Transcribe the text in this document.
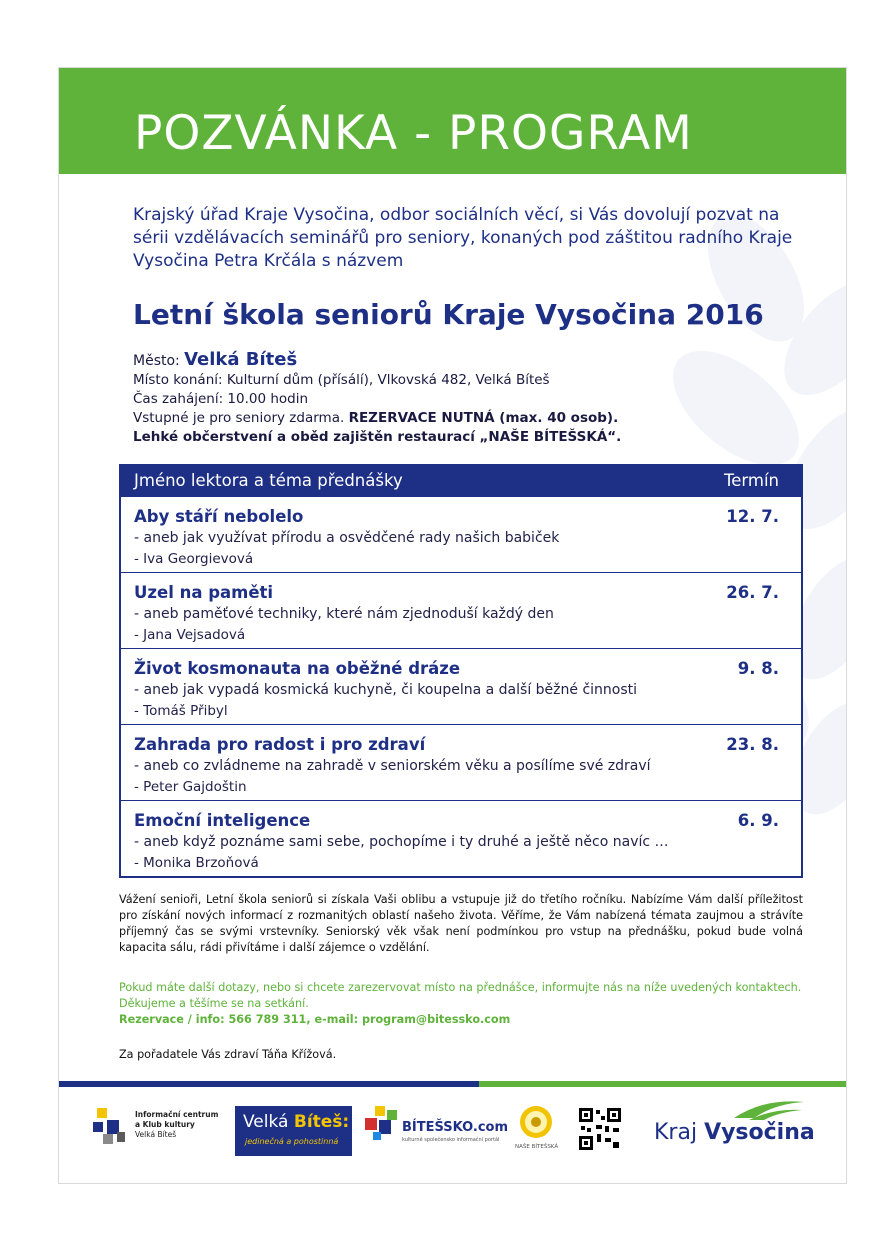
POZVÁNKA - PROGRAM
Krajský úřad Kraje Vysočina, odbor sociálních věcí, si Vás dovolují pozvat na sérii vzdělávacích seminářů pro seniory, konaných pod záštitou radního Kraje Vysočina Petra Krčála s názvem
Letní škola seniorů Kraje Vysočina 2016
Město: Velká Bíteš
Místo konání: Kulturní dům (přísálí), Vlkovská 482, Velká Bíteš
Čas zahájení: 10.00 hodin
Vstupné je pro seniory zdarma. REZERVACE NUTNÁ (max. 40 osob).
Lehké občerstvení a oběd zajištěn restaurací „NAŠE BÍTEŠSKÁ“.
Jméno lektora a téma přednášky	Termín
Aby stáří nebolelo	12. 7.
- aneb jak využívat přírodu a osvědčené rady našich babiček
- Iva Georgievová
Uzel na paměti	26. 7.
- aneb paměťové techniky, které nám zjednoduší každý den
- Jana Vejsadová
Život kosmonauta na oběžné dráze	9. 8.
- aneb jak vypadá kosmická kuchyně, či koupelna a další běžné činnosti
- Tomáš Přibyl
Zahrada pro radost i pro zdraví	23. 8.
- aneb co zvládneme na zahradě v seniorském věku a posílíme své zdraví
- Peter Gajdoštin
Emoční inteligence	6. 9.
- aneb když poznáme sami sebe, pochopíme i ty druhé a ještě něco navíc …
- Monika Brzoňová
Vážení senioři, Letní škola seniorů si získala Vaši oblibu a vstupuje již do třetího ročníku. Nabízíme Vám další příležitost pro získání nových informací z rozmanitých oblastí našeho života. Věříme, že Vám nabízená témata zaujmou a strávíte příjemný čas se svými vrstevníky. Seniorský věk však není podmínkou pro vstup na přednášku, pokud bude volná kapacita sálu, rádi přivítáme i další zájemce o vzdělání.
Pokud máte další dotazy, nebo si chcete zarezervovat místo na přednášce, informujte nás na níže uvedených kontaktech. Děkujeme a těšíme se na setkání.
Rezervace / info: 566 789 311, e-mail: program@bitessko.com
Za pořadatele Vás zdraví Táňa Křížová.
Informační centrum
a Klub kultury
Velká Bíteš
Velká Bíteš:
jedinečná a pohostinná
BÍTEŠSKO.com
kulturně společensko informační portál
NAŠE BÍTEŠSKÁ
Kraj Vysočina
